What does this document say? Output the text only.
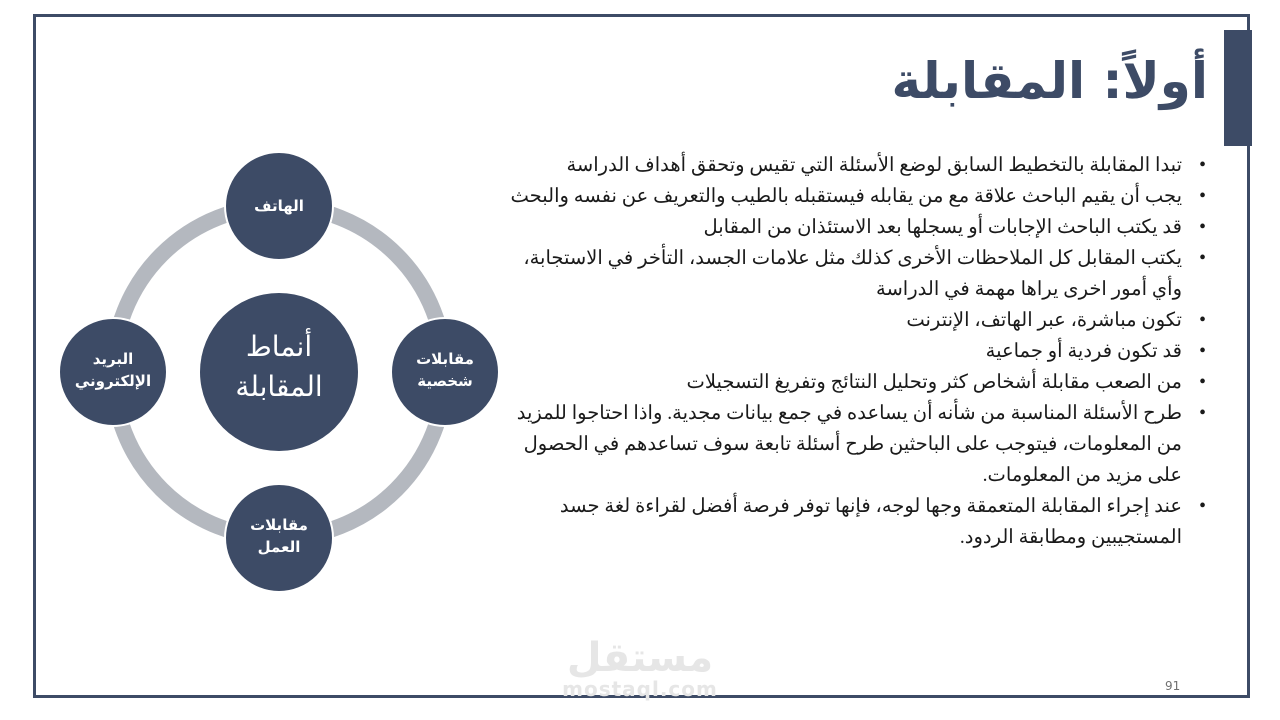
أولاً: المقابلة
أنماط
المقابلة
الهاتف
مقابلات
شخصية
مقابلات
العمل
البريد
الإلكتروني
• تبدا المقابلة بالتخطيط السابق لوضع الأسئلة التي تقيس وتحقق أهداف الدراسة
• يجب أن يقيم الباحث علاقة مع من يقابله فيستقبله بالطيب والتعريف عن نفسه والبحث
• قد يكتب الباحث الإجابات أو يسجلها بعد الاستئذان من المقابل
• يكتب المقابل كل الملاحظات الأخرى كذلك مثل علامات الجسد، التأخر في الاستجابة، وأي أمور اخرى يراها مهمة في الدراسة
• تكون مباشرة، عبر الهاتف، الإنترنت
• قد تكون فردية أو جماعية
• من الصعب مقابلة أشخاص كثر وتحليل النتائج وتفريغ التسجيلات
• طرح الأسئلة المناسبة من شأنه أن يساعده في جمع بيانات مجدية. واذا احتاجوا للمزيد من المعلومات، فيتوجب على الباحثين طرح أسئلة تابعة سوف تساعدهم في الحصول على مزيد من المعلومات.
• عند إجراء المقابلة المتعمقة وجها لوجه، فإنها توفر فرصة أفضل لقراءة لغة جسد المستجيبين ومطابقة الردود.
مستقل
mostaql.com	91
